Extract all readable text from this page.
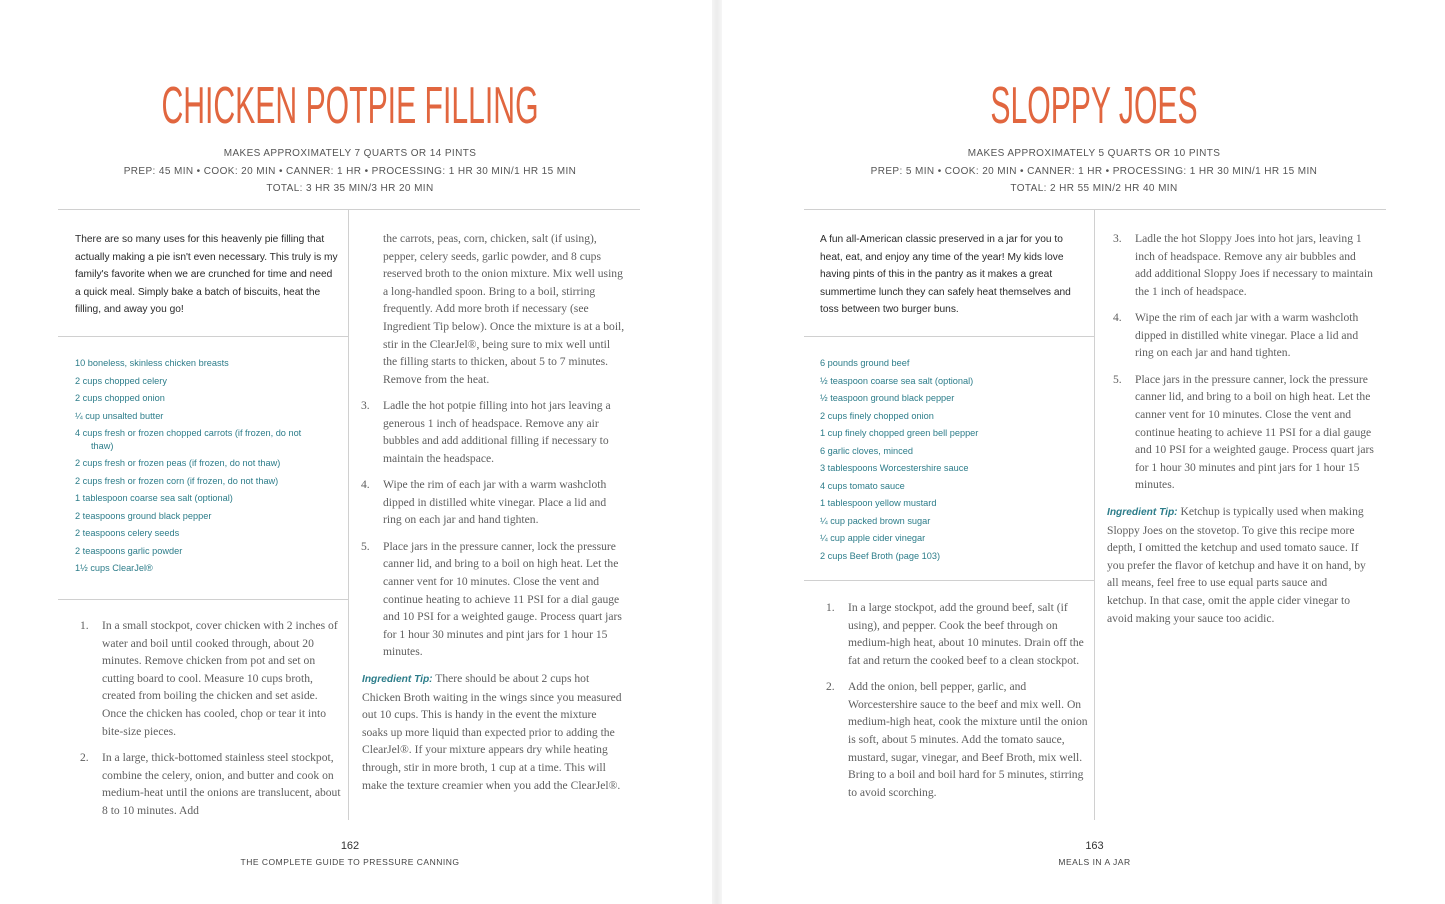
CHICKEN POTPIE FILLING
MAKES APPROXIMATELY 7 QUARTS OR 14 PINTS
PREP: 45 MIN • COOK: 20 MIN • CANNER: 1 HR • PROCESSING: 1 HR 30 MIN/1 HR 15 MIN
TOTAL: 3 HR 35 MIN/3 HR 20 MIN

There are so many uses for this heavenly pie filling that actually making a pie isn't even necessary. This truly is my family's favorite when we are crunched for time and need a quick meal. Simply bake a batch of biscuits, heat the filling, and away you go!

10 boneless, skinless chicken breasts
2 cups chopped celery
2 cups chopped onion
¼ cup unsalted butter
4 cups fresh or frozen chopped carrots (if frozen, do not thaw)
2 cups fresh or frozen peas (if frozen, do not thaw)
2 cups fresh or frozen corn (if frozen, do not thaw)
1 tablespoon coarse sea salt (optional)
2 teaspoons ground black pepper
2 teaspoons celery seeds
2 teaspoons garlic powder
1½ cups ClearJel®
1. In a small stockpot, cover chicken with 2 inches of water and boil until cooked through, about 20 minutes. Remove chicken from pot and set on cutting board to cool. Measure 10 cups broth, created from boiling the chicken and set aside. Once the chicken has cooled, chop or tear it into bite-size pieces.
2. In a large, thick-bottomed stainless steel stockpot, combine the celery, onion, and butter and cook on medium-heat until the onions are translucent, about 8 to 10 minutes. Add

the carrots, peas, corn, chicken, salt (if using), pepper, celery seeds, garlic powder, and 8 cups reserved broth to the onion mixture. Mix well using a long-handled spoon. Bring to a boil, stirring frequently. Add more broth if necessary (see Ingredient Tip below). Once the mixture is at a boil, stir in the ClearJel®, being sure to mix well until the filling starts to thicken, about 5 to 7 minutes. Remove from the heat.

3. Ladle the hot potpie filling into hot jars leaving a generous 1 inch of headspace. Remove any air bubbles and add additional filling if necessary to maintain the headspace.
4. Wipe the rim of each jar with a warm washcloth dipped in distilled white vinegar. Place a lid and ring on each jar and hand tighten.
5. Place jars in the pressure canner, lock the pressure canner lid, and bring to a boil on high heat. Let the canner vent for 10 minutes. Close the vent and continue heating to achieve 11 PSI for a dial gauge and 10 PSI for a weighted gauge. Process quart jars for 1 hour 30 minutes and pint jars for 1 hour 15 minutes.

Ingredient Tip: There should be about 2 cups hot Chicken Broth waiting in the wings since you measured out 10 cups. This is handy in the event the mixture soaks up more liquid than expected prior to adding the ClearJel®. If your mixture appears dry while heating through, stir in more broth, 1 cup at a time. This will make the texture creamier when you add the ClearJel®.

162
THE COMPLETE GUIDE TO PRESSURE CANNING
SLOPPY JOES
MAKES APPROXIMATELY 5 QUARTS OR 10 PINTS
PREP: 5 MIN • COOK: 20 MIN • CANNER: 1 HR • PROCESSING: 1 HR 30 MIN/1 HR 15 MIN
TOTAL: 2 HR 55 MIN/2 HR 40 MIN

A fun all-American classic preserved in a jar for you to heat, eat, and enjoy any time of the year! My kids love having pints of this in the pantry as it makes a great summertime lunch they can safely heat themselves and toss between two burger buns.

6 pounds ground beef
½ teaspoon coarse sea salt (optional)
½ teaspoon ground black pepper
2 cups finely chopped onion
1 cup finely chopped green bell pepper
6 garlic cloves, minced
3 tablespoons Worcestershire sauce
4 cups tomato sauce
1 tablespoon yellow mustard
¼ cup packed brown sugar
¼ cup apple cider vinegar
2 cups Beef Broth (page 103)
1. In a large stockpot, add the ground beef, salt (if using), and pepper. Cook the beef through on medium-high heat, about 10 minutes. Drain off the fat and return the cooked beef to a clean stockpot.
2. Add the onion, bell pepper, garlic, and Worcestershire sauce to the beef and mix well. On medium-high heat, cook the mixture until the onion is soft, about 5 minutes. Add the tomato sauce, mustard, sugar, vinegar, and Beef Broth, mix well. Bring to a boil and boil hard for 5 minutes, stirring to avoid scorching.
3. Ladle the hot Sloppy Joes into hot jars, leaving 1 inch of headspace. Remove any air bubbles and add additional Sloppy Joes if necessary to maintain the 1 inch of headspace.
4. Wipe the rim of each jar with a warm washcloth dipped in distilled white vinegar. Place a lid and ring on each jar and hand tighten.
5. Place jars in the pressure canner, lock the pressure canner lid, and bring to a boil on high heat. Let the canner vent for 10 minutes. Close the vent and continue heating to achieve 11 PSI for a dial gauge and 10 PSI for a weighted gauge. Process quart jars for 1 hour 30 minutes and pint jars for 1 hour 15 minutes.

Ingredient Tip: Ketchup is typically used when making Sloppy Joes on the stovetop. To give this recipe more depth, I omitted the ketchup and used tomato sauce. If you prefer the flavor of ketchup and have it on hand, by all means, feel free to use equal parts sauce and ketchup. In that case, omit the apple cider vinegar to avoid making your sauce too acidic.

163
MEALS IN A JAR
